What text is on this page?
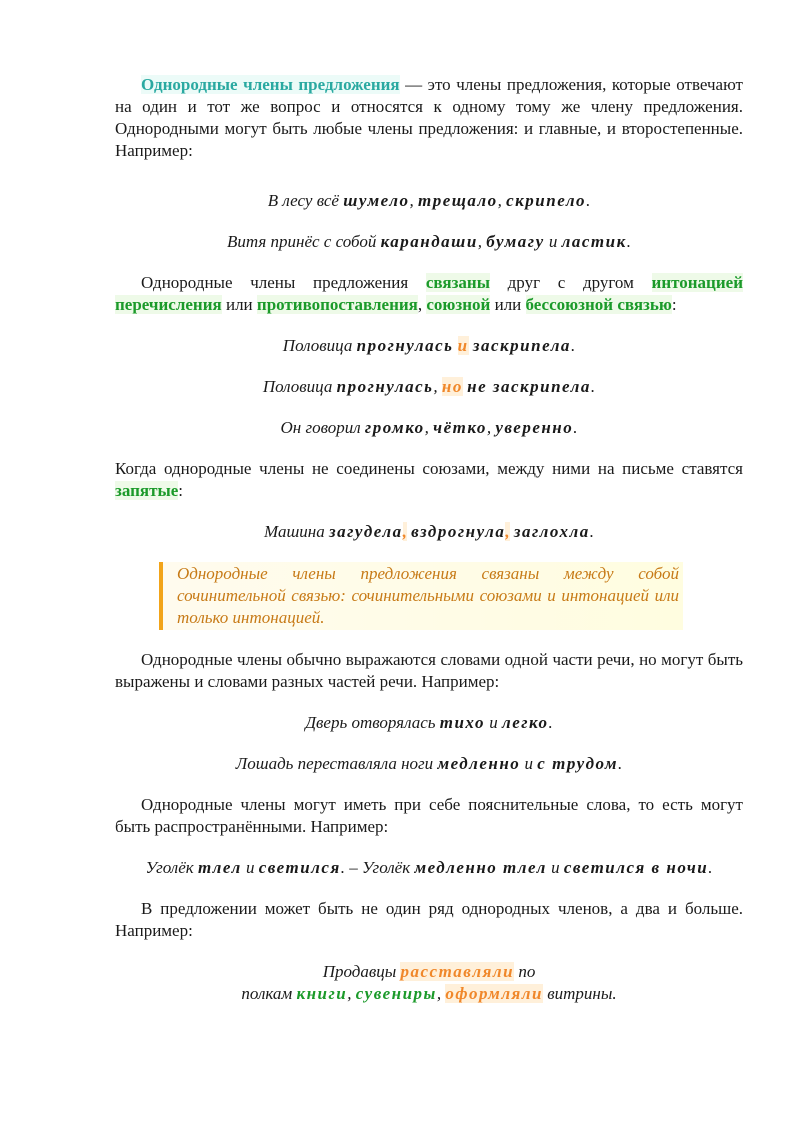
Однородные члены предложения — это члены предложения, которые отвечают на один и тот же вопрос и относятся к одному тому же члену предложения. Однородными могут быть любые члены предложения: и главные, и второстепенные. Например:

В лесу всё шумело, трещало, скрипело.

Витя принёс с собой карандаши, бумагу и ластик.

Однородные члены предложения связаны друг с другом интонацией перечисления или противопоставления, союзной или бессоюзной связью:

Половица прогнулась и заскрипела.

Половица прогнулась, но не заскрипела.

Он говорил громко, чётко, уверенно.

Когда однородные члены не соединены союзами, между ними на письме ставятся запятые:

Машина загудела, вздрогнула, заглохла.

Однородные члены предложения связаны между собой сочинительной связью: сочинительными союзами и интонацией или только интонацией.

Однородные члены обычно выражаются словами одной части речи, но могут быть выражены и словами разных частей речи. Например:

Дверь отворялась тихо и легко.

Лошадь переставляла ноги медленно и с трудом.

Однородные члены могут иметь при себе пояснительные слова, то есть могут быть распространёнными. Например:

Уголёк тлел и светился. – Уголёк медленно тлел и светился в ночи.

В предложении может быть не один ряд однородных членов, а два и больше. Например:

Продавцы расставляли по
полкам книги, сувениры, оформляли витрины.
